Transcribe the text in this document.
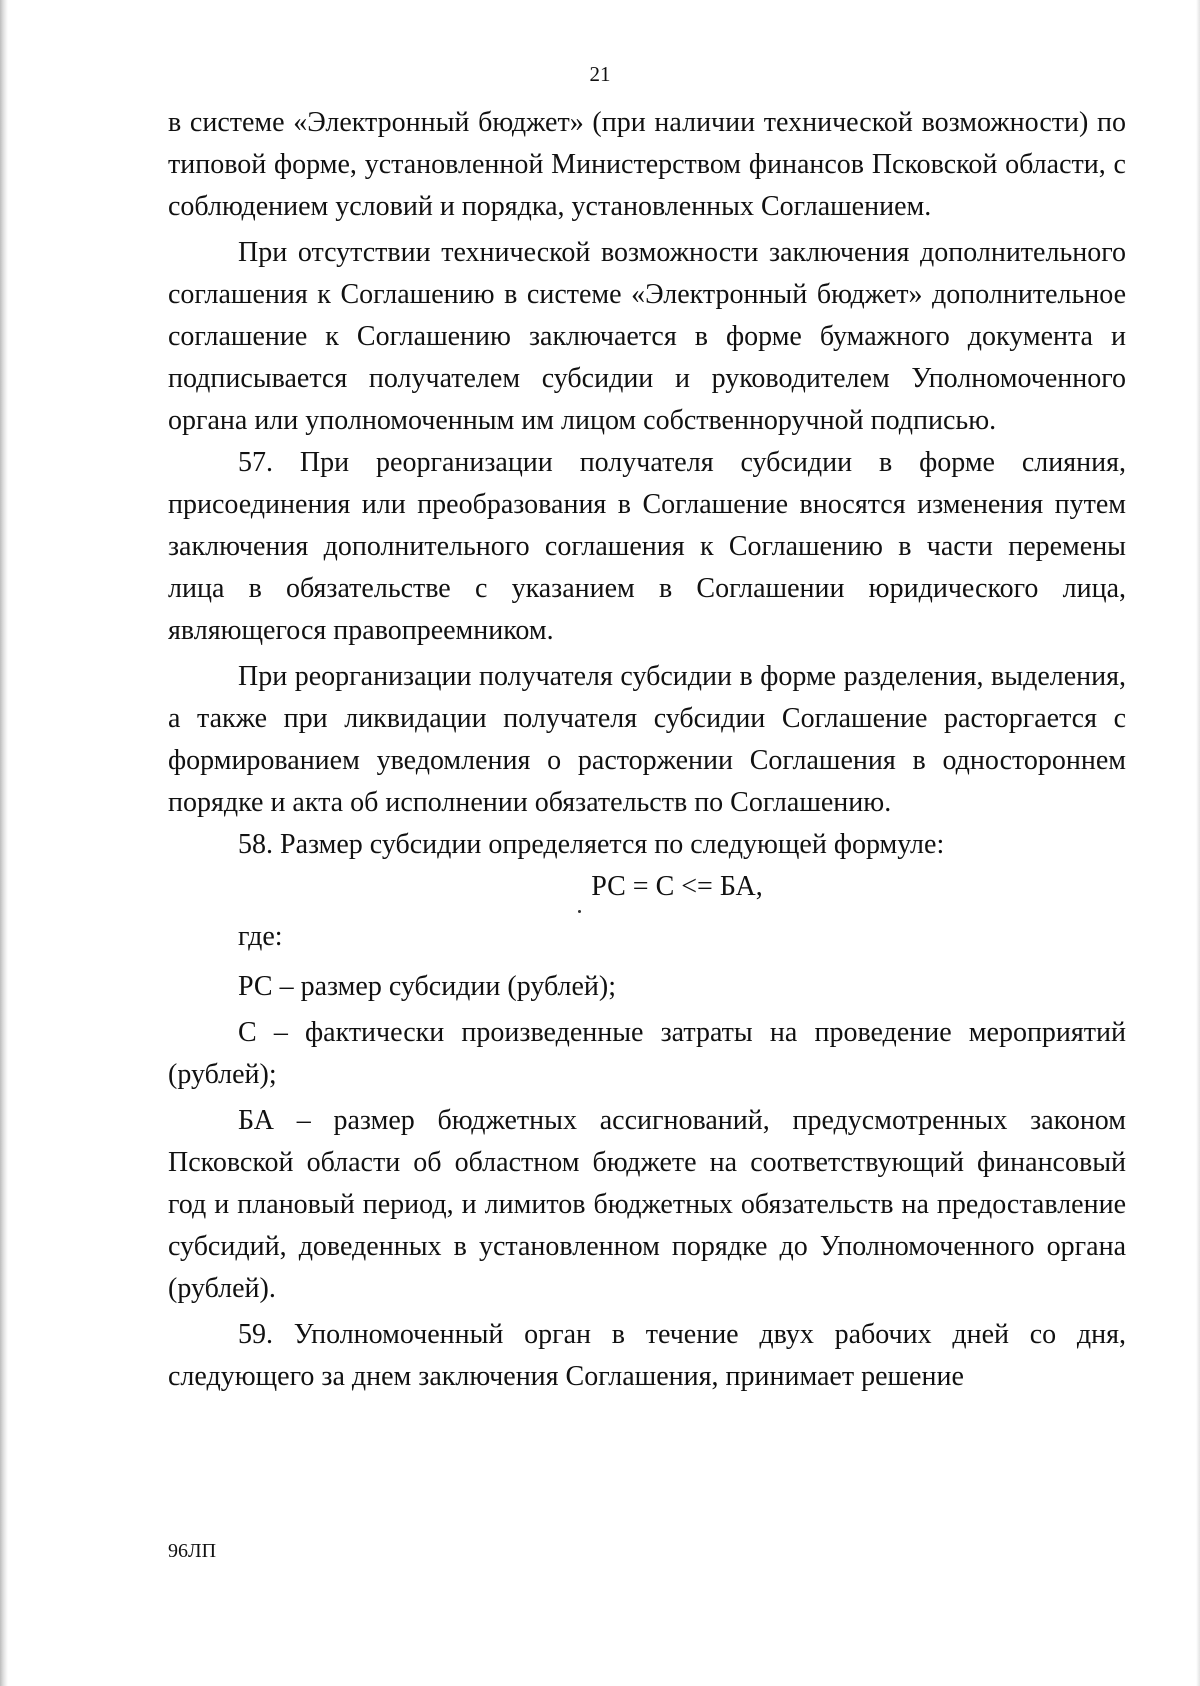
21

в системе «Электронный бюджет» (при наличии технической возможности) по типовой форме, установленной Министерством финансов Псковской области, с соблюдением условий и порядка, установленных Соглашением.

При отсутствии технической возможности заключения дополнительного соглашения к Соглашению в системе «Электронный бюджет» дополнительное соглашение к Соглашению заключается в форме бумажного документа и подписывается получателем субсидии и руководителем Уполномоченного органа или уполномоченным им лицом собственноручной подписью.

57. При реорганизации получателя субсидии в форме слияния, присоединения или преобразования в Соглашение вносятся изменения путем заключения дополнительного соглашения к Соглашению в части перемены лица в обязательстве с указанием в Соглашении юридического лица, являющегося правопреемником.

При реорганизации получателя субсидии в форме разделения, выделения, а также при ликвидации получателя субсидии Соглашение расторгается с формированием уведомления о расторжении Соглашения в одностороннем порядке и акта об исполнении обязательств по Соглашению.

58. Размер субсидии определяется по следующей формуле:

РС = С <= БА,

где:

РС – размер субсидии (рублей);

С – фактически произведенные затраты на проведение мероприятий (рублей);

БА – размер бюджетных ассигнований, предусмотренных законом Псковской области об областном бюджете на соответствующий финансовый год и плановый период, и лимитов бюджетных обязательств на предоставление субсидий, доведенных в установленном порядке до Уполномоченного органа (рублей).

59. Уполномоченный орган в течение двух рабочих дней со дня, следующего за днем заключения Соглашения, принимает решение

96ЛП
